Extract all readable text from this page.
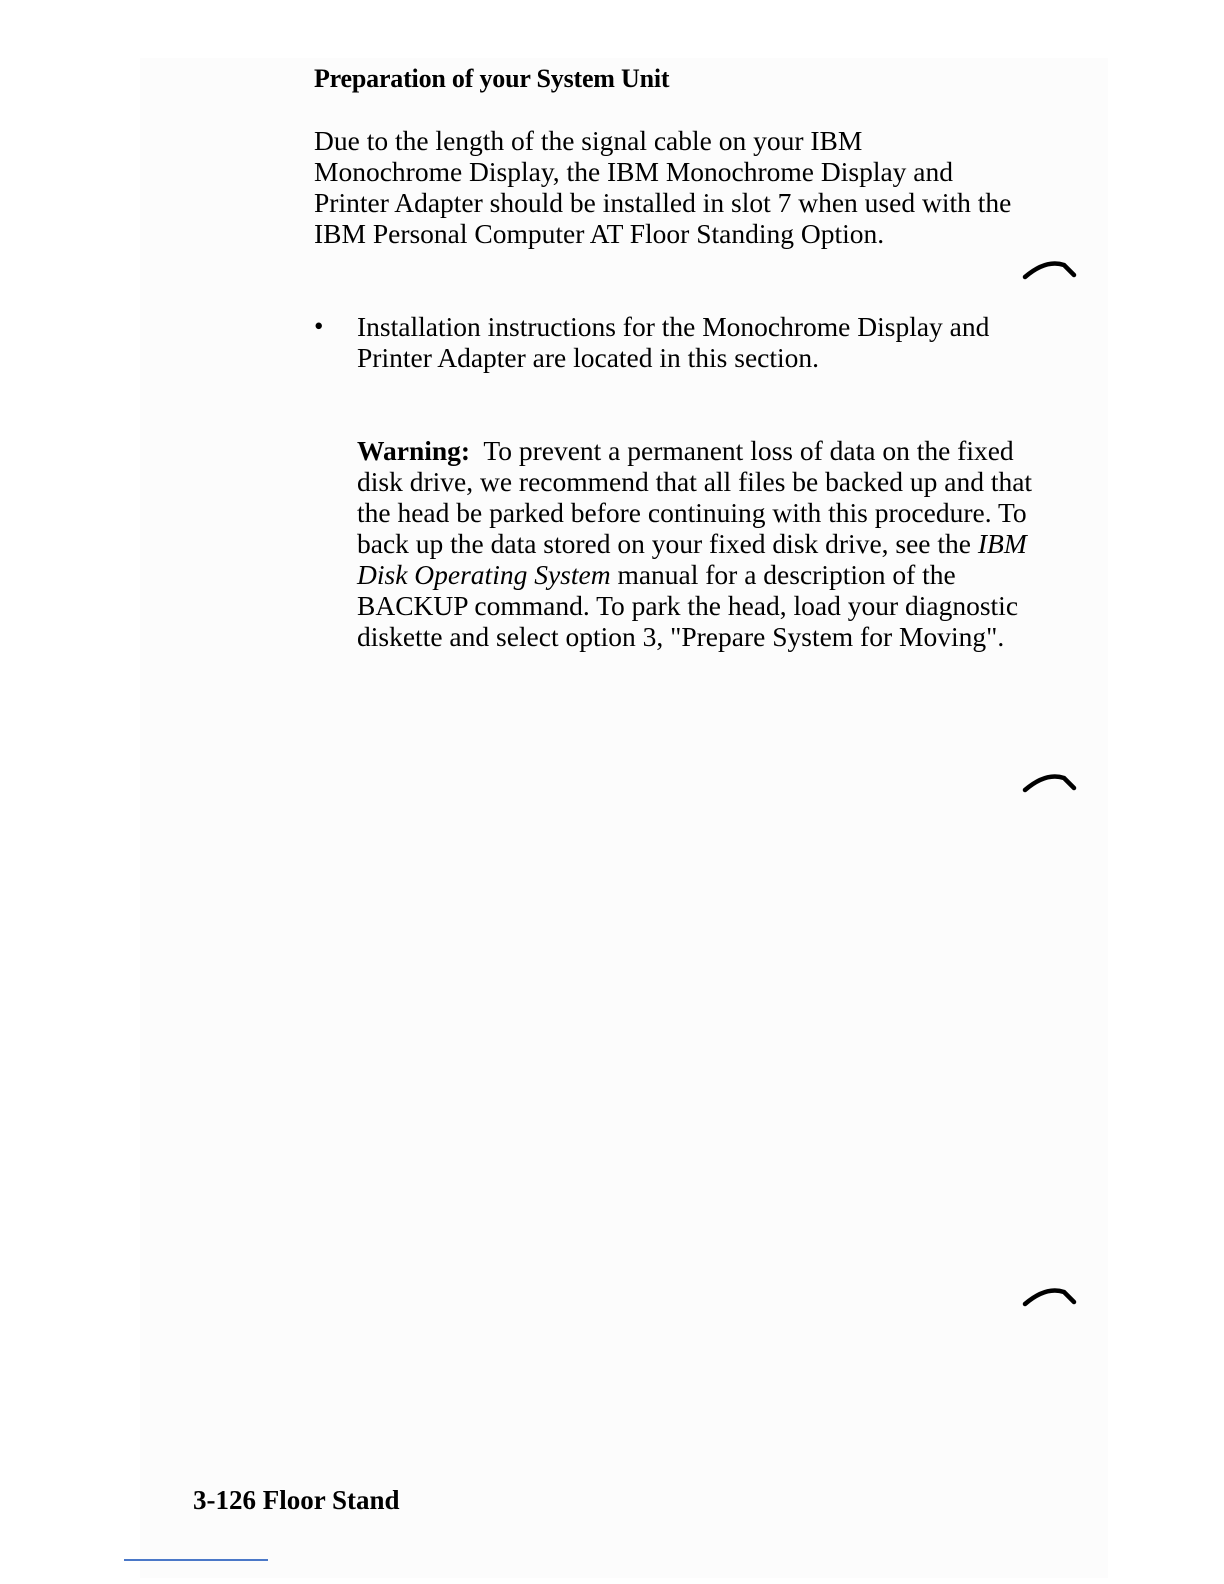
Preparation of your System Unit

Due to the length of the signal cable on your IBM Monochrome Display, the IBM Monochrome Display and Printer Adapter should be installed in slot 7 when used with the IBM Personal Computer AT Floor Standing Option.

• Installation instructions for the Monochrome Display and Printer Adapter are located in this section.

Warning: To prevent a permanent loss of data on the fixed disk drive, we recommend that all files be backed up and that the head be parked before continuing with this procedure. To back up the data stored on your fixed disk drive, see the IBM Disk Operating System manual for a description of the BACKUP command. To park the head, load your diagnostic diskette and select option 3, "Prepare System for Moving".

3-126 Floor Stand
